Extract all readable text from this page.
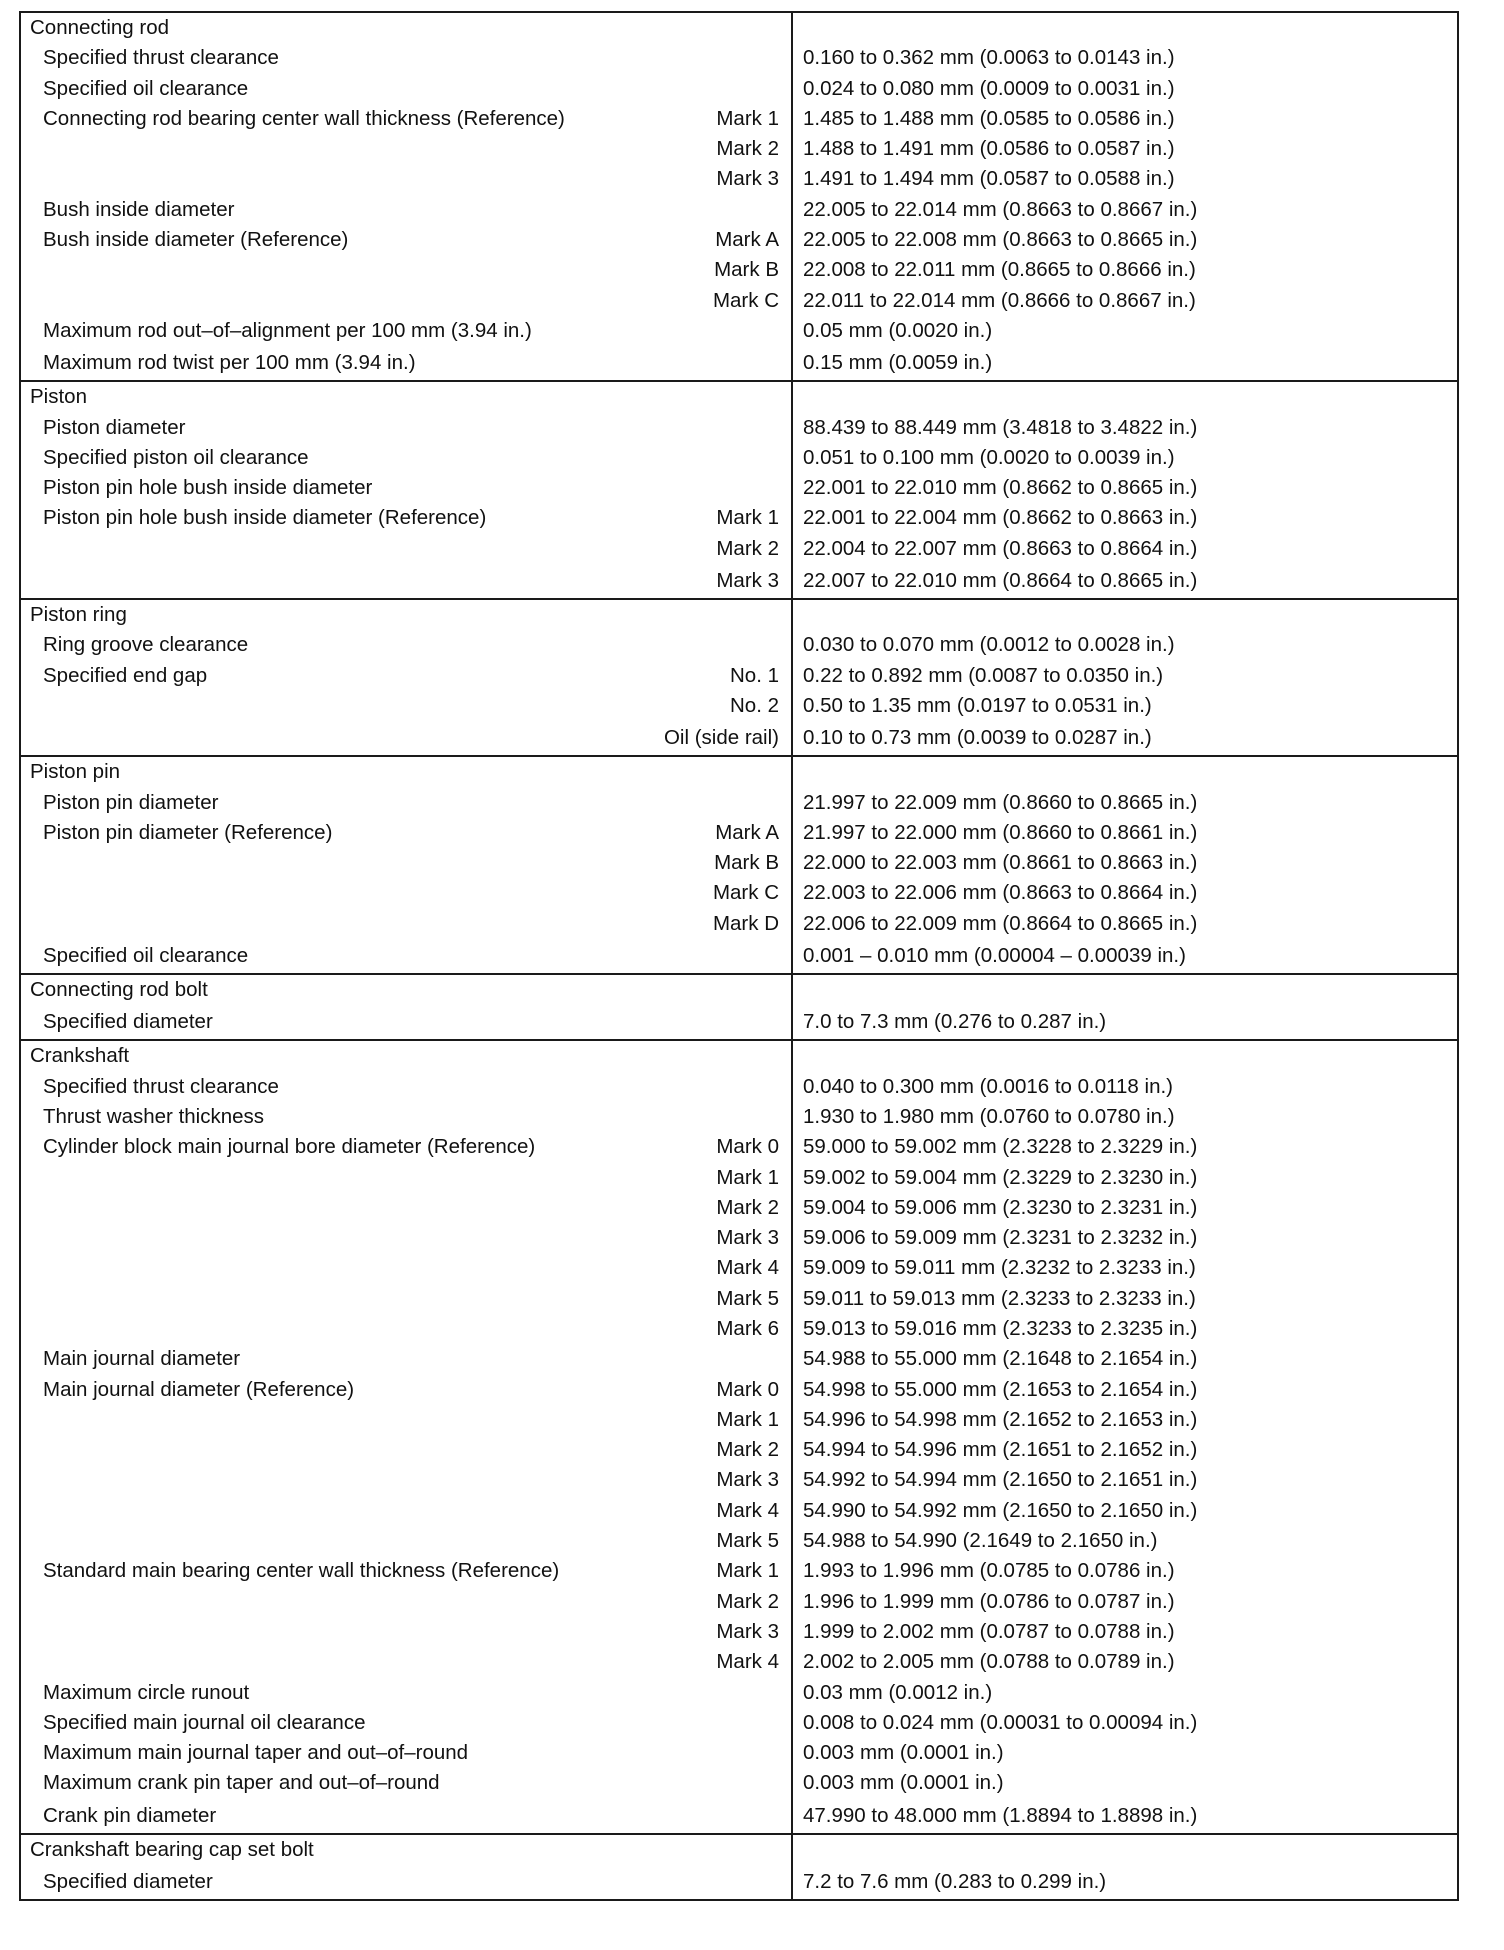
Connecting rod
Specified thrust clearance	0.160 to 0.362 mm (0.0063 to 0.0143 in.)
Specified oil clearance	0.024 to 0.080 mm (0.0009 to 0.0031 in.)
Connecting rod bearing center wall thickness (Reference)	Mark 1 1.485 to 1.488 mm (0.0585 to 0.0586 in.)
Mark 2 1.488 to 1.491 mm (0.0586 to 0.0587 in.)
Mark 3 1.491 to 1.494 mm (0.0587 to 0.0588 in.)
Bush inside diameter	22.005 to 22.014 mm (0.8663 to 0.8667 in.)
Bush inside diameter (Reference)	Mark A 22.005 to 22.008 mm (0.8663 to 0.8665 in.)
Mark B 22.008 to 22.011 mm (0.8665 to 0.8666 in.)
Mark C 22.011 to 22.014 mm (0.8666 to 0.8667 in.)
Maximum rod out–of–alignment per 100 mm (3.94 in.)	0.05 mm (0.0020 in.)
Maximum rod twist per 100 mm (3.94 in.)	0.15 mm (0.0059 in.)
Piston
Piston diameter	88.439 to 88.449 mm (3.4818 to 3.4822 in.)
Specified piston oil clearance	0.051 to 0.100 mm (0.0020 to 0.0039 in.)
Piston pin hole bush inside diameter	22.001 to 22.010 mm (0.8662 to 0.8665 in.)
Piston pin hole bush inside diameter (Reference)	Mark 1 22.001 to 22.004 mm (0.8662 to 0.8663 in.)
Mark 2 22.004 to 22.007 mm (0.8663 to 0.8664 in.)
Mark 3 22.007 to 22.010 mm (0.8664 to 0.8665 in.)
Piston ring
Ring groove clearance	0.030 to 0.070 mm (0.0012 to 0.0028 in.)
Specified end gap	No. 1 0.22 to 0.892 mm (0.0087 to 0.0350 in.)
No. 2 0.50 to 1.35 mm (0.0197 to 0.0531 in.)
Oil (side rail) 0.10 to 0.73 mm (0.0039 to 0.0287 in.)
Piston pin
Piston pin diameter	21.997 to 22.009 mm (0.8660 to 0.8665 in.)
Piston pin diameter (Reference)	Mark A 21.997 to 22.000 mm (0.8660 to 0.8661 in.)
Mark B 22.000 to 22.003 mm (0.8661 to 0.8663 in.)
Mark C 22.003 to 22.006 mm (0.8663 to 0.8664 in.)
Mark D 22.006 to 22.009 mm (0.8664 to 0.8665 in.)
Specified oil clearance	0.001 – 0.010 mm (0.00004 – 0.00039 in.)
Connecting rod bolt
Specified diameter	7.0 to 7.3 mm (0.276 to 0.287 in.)
Crankshaft
Specified thrust clearance	0.040 to 0.300 mm (0.0016 to 0.0118 in.)
Thrust washer thickness	1.930 to 1.980 mm (0.0760 to 0.0780 in.)
Cylinder block main journal bore diameter (Reference)	Mark 0 59.000 to 59.002 mm (2.3228 to 2.3229 in.)
Mark 1 59.002 to 59.004 mm (2.3229 to 2.3230 in.)
Mark 2 59.004 to 59.006 mm (2.3230 to 2.3231 in.)
Mark 3 59.006 to 59.009 mm (2.3231 to 2.3232 in.)
Mark 4 59.009 to 59.011 mm (2.3232 to 2.3233 in.)
Mark 5 59.011 to 59.013 mm (2.3233 to 2.3233 in.)
Mark 6 59.013 to 59.016 mm (2.3233 to 2.3235 in.)
Main journal diameter	54.988 to 55.000 mm (2.1648 to 2.1654 in.)
Main journal diameter (Reference)	Mark 0 54.998 to 55.000 mm (2.1653 to 2.1654 in.)
Mark 1 54.996 to 54.998 mm (2.1652 to 2.1653 in.)
Mark 2 54.994 to 54.996 mm (2.1651 to 2.1652 in.)
Mark 3 54.992 to 54.994 mm (2.1650 to 2.1651 in.)
Mark 4 54.990 to 54.992 mm (2.1650 to 2.1650 in.)
Mark 5 54.988 to 54.990 (2.1649 to 2.1650 in.)
Standard main bearing center wall thickness (Reference)	Mark 1 1.993 to 1.996 mm (0.0785 to 0.0786 in.)
Mark 2 1.996 to 1.999 mm (0.0786 to 0.0787 in.)
Mark 3 1.999 to 2.002 mm (0.0787 to 0.0788 in.)
Mark 4 2.002 to 2.005 mm (0.0788 to 0.0789 in.)
Maximum circle runout	0.03 mm (0.0012 in.)
Specified main journal oil clearance	0.008 to 0.024 mm (0.00031 to 0.00094 in.)
Maximum main journal taper and out–of–round	0.003 mm (0.0001 in.)
Maximum crank pin taper and out–of–round	0.003 mm (0.0001 in.)
Crank pin diameter	47.990 to 48.000 mm (1.8894 to 1.8898 in.)
Crankshaft bearing cap set bolt
Specified diameter	7.2 to 7.6 mm (0.283 to 0.299 in.)
